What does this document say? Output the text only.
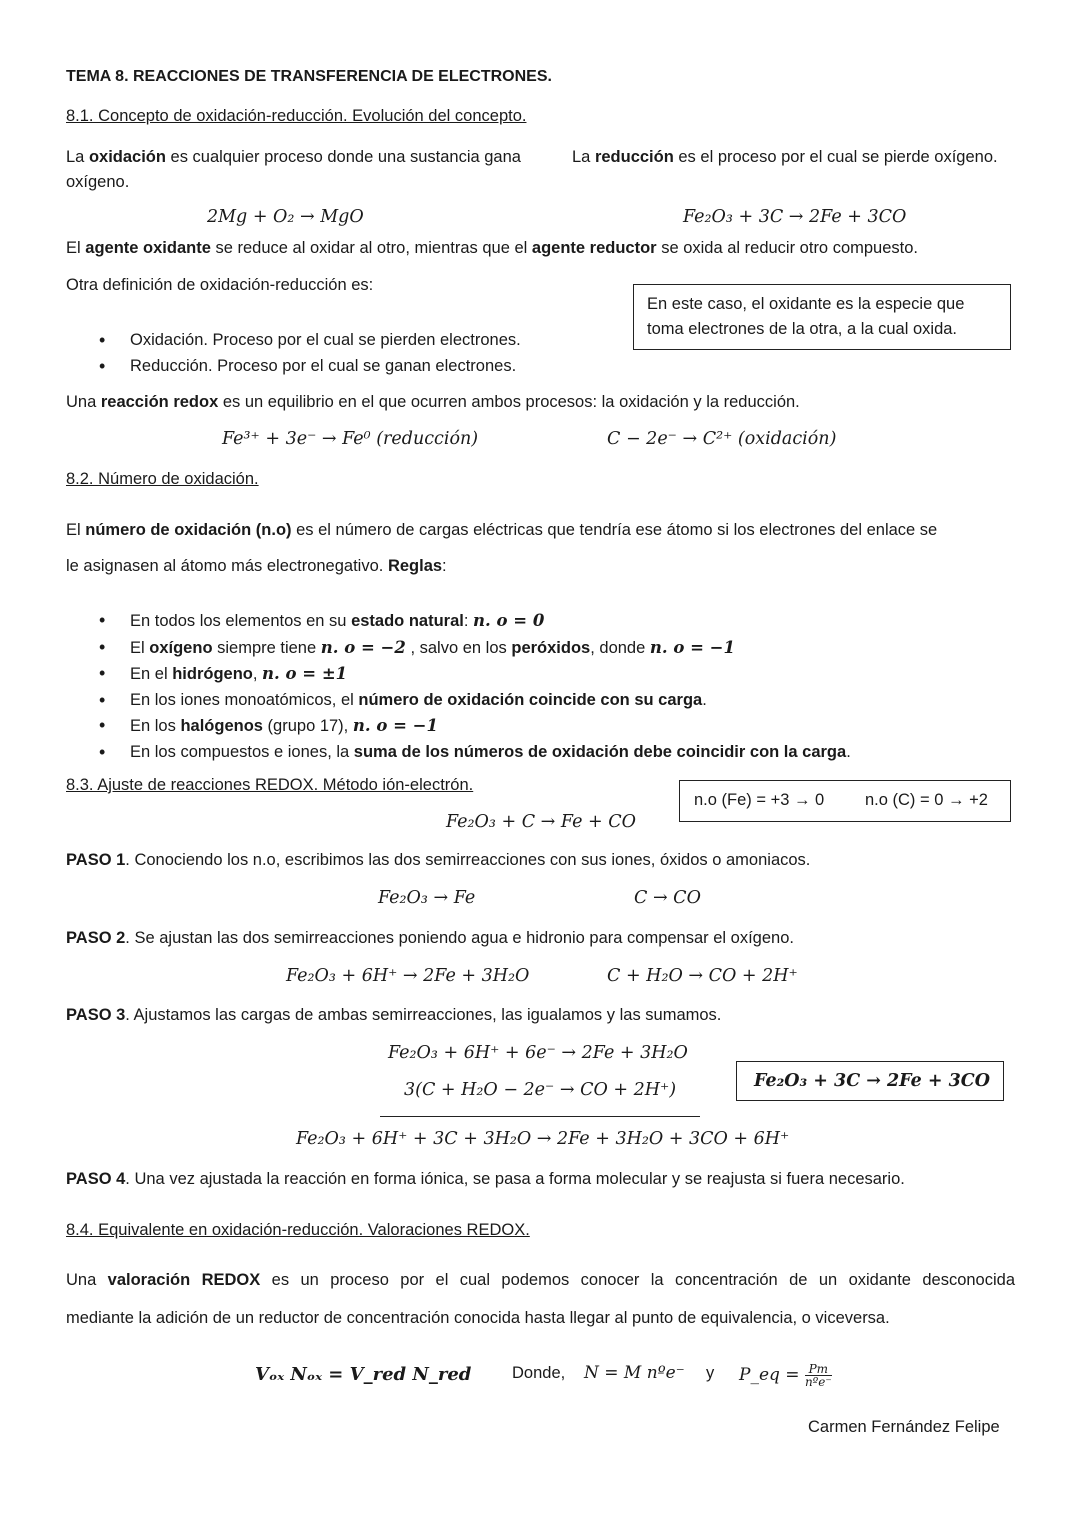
TEMA 8. REACCIONES DE TRANSFERENCIA DE ELECTRONES.
8.1. Concepto de oxidación-reducción. Evolución del concepto.
La oxidación es cualquier proceso donde una sustancia gana oxígeno.
La reducción es el proceso por el cual se pierde oxígeno.
2Mg + O₂ → MgO	Fe₂O₃ + 3C → 2Fe + 3CO
El agente oxidante se reduce al oxidar al otro, mientras que el agente reductor se oxida al reducir otro compuesto.
Otra definición de oxidación-reducción es:
En este caso, el oxidante es la especie que
toma electrones de la otra, a la cual oxida.
• Oxidación. Proceso por el cual se pierden electrones.
• Reducción. Proceso por el cual se ganan electrones.
Una reacción redox es un equilibrio en el que ocurren ambos procesos: la oxidación y la reducción.
Fe³⁺ + 3e⁻ → Fe⁰ (reducción)	C − 2e⁻ → C²⁺ (oxidación)
8.2. Número de oxidación.
El número de oxidación (n.o) es el número de cargas eléctricas que tendría ese átomo si los electrones del enlace se
le asignasen al átomo más electronegativo. Reglas:
• En todos los elementos en su estado natural: n. o = 0
• El oxígeno siempre tiene n. o = −2 , salvo en los peróxidos, donde n. o = −1
• En el hidrógeno, n. o = ±1
• En los iones monoatómicos, el número de oxidación coincide con su carga.
• En los halógenos (grupo 17), n. o = −1
• En los compuestos e iones, la suma de los números de oxidación debe coincidir con la carga.
8.3. Ajuste de reacciones REDOX. Método ión-electrón.
n.o (Fe) = +3 → 0 n.o (C) = 0 → +2
Fe₂O₃ + C → Fe + CO
PASO 1. Conociendo los n.o, escribimos las dos semirreacciones con sus iones, óxidos o amoniacos.
Fe₂O₃ → Fe	C → CO
PASO 2. Se ajustan las dos semirreacciones poniendo agua e hidronio para compensar el oxígeno.
Fe₂O₃ + 6H⁺ → 2Fe + 3H₂O	C + H₂O → CO + 2H⁺
PASO 3. Ajustamos las cargas de ambas semirreacciones, las igualamos y las sumamos.
Fe₂O₃ + 6H⁺ + 6e⁻ → 2Fe + 3H₂O
3(C + H₂O − 2e⁻ → CO + 2H⁺)	Fe₂O₃ + 3C → 2Fe + 3CO
Fe₂O₃ + 6H⁺ + 3C + 3H₂O → 2Fe + 3H₂O + 3CO + 6H⁺
PASO 4. Una vez ajustada la reacción en forma iónica, se pasa a forma molecular y se reajusta si fuera necesario.
8.4. Equivalente en oxidación-reducción. Valoraciones REDOX.
Una valoración REDOX es un proceso por el cual podemos conocer la concentración de un oxidante desconocida
mediante la adición de un reductor de concentración conocida hasta llegar al punto de equivalencia, o viceversa.
Vₒₓ Nₒₓ = V_red N_red Donde, N = M nºe⁻ y P_eq = $\frac{Pm}{\text{nºe⁻}}$
Carmen Fernández Felipe
